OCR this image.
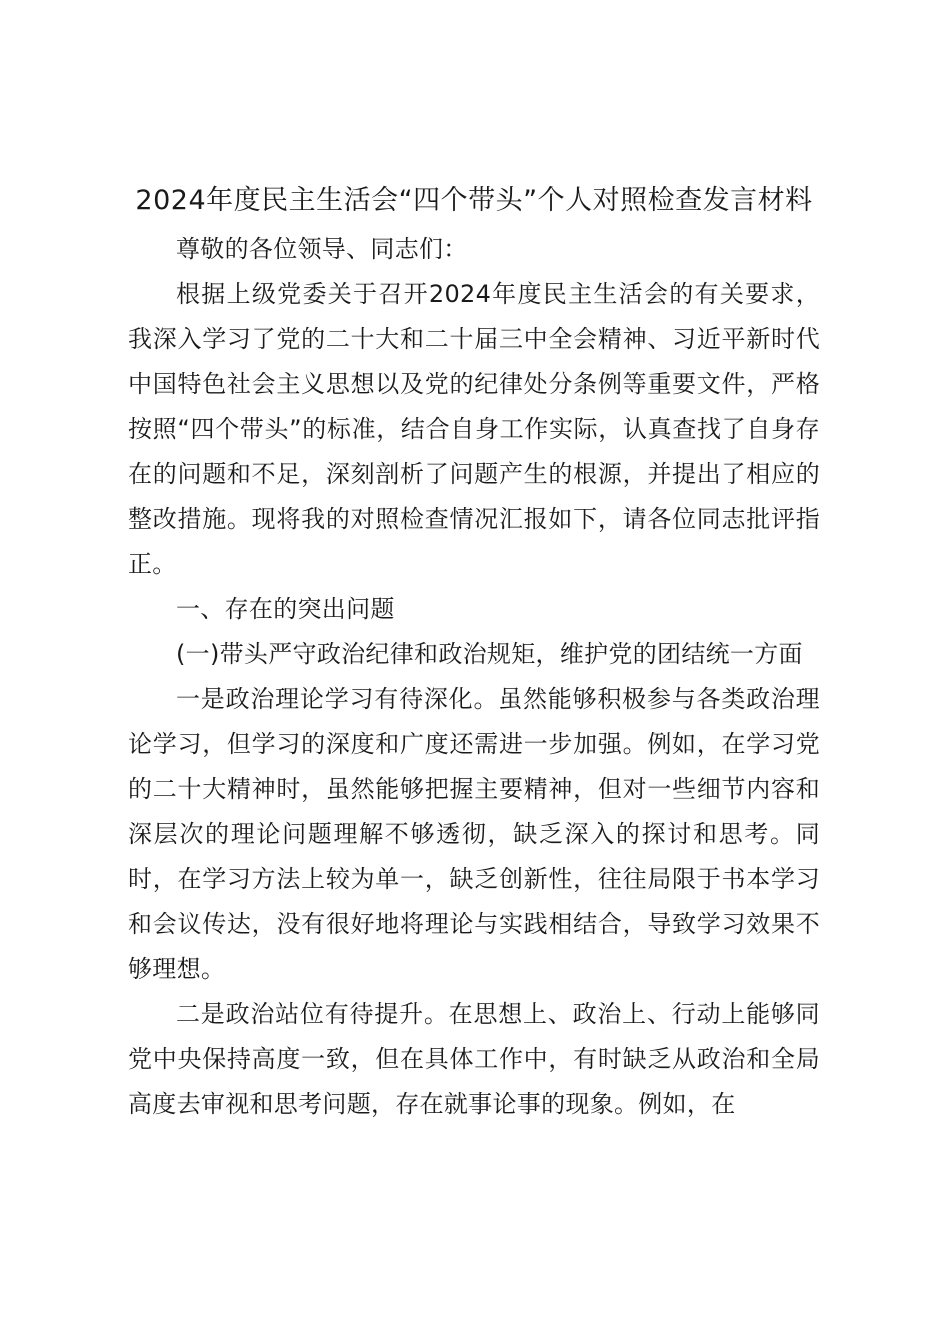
2024年度民主生活会“四个带头”个人对照检查发言材料

尊敬的各位领导、同志们：

根据上级党委关于召开2024年度民主生活会的有关要求，我深入学习了党的二十大和二十届三中全会精神、习近平新时代中国特色社会主义思想以及党的纪律处分条例等重要文件，严格按照“四个带头”的标准，结合自身工作实际，认真查找了自身存在的问题和不足，深刻剖析了问题产生的根源，并提出了相应的整改措施。现将我的对照检查情况汇报如下，请各位同志批评指正。

一、存在的突出问题

(一)带头严守政治纪律和政治规矩，维护党的团结统一方面

一是政治理论学习有待深化。虽然能够积极参与各类政治理论学习，但学习的深度和广度还需进一步加强。例如，在学习党的二十大精神时，虽然能够把握主要精神，但对一些细节内容和深层次的理论问题理解不够透彻，缺乏深入的探讨和思考。同时，在学习方法上较为单一，缺乏创新性，往往局限于书本学习和会议传达，没有很好地将理论与实践相结合，导致学习效果不够理想。

二是政治站位有待提升。在思想上、政治上、行动上能够同党中央保持高度一致，但在具体工作中，有时缺乏从政治和全局高度去审视和思考问题，存在就事论事的现象。例如，在
